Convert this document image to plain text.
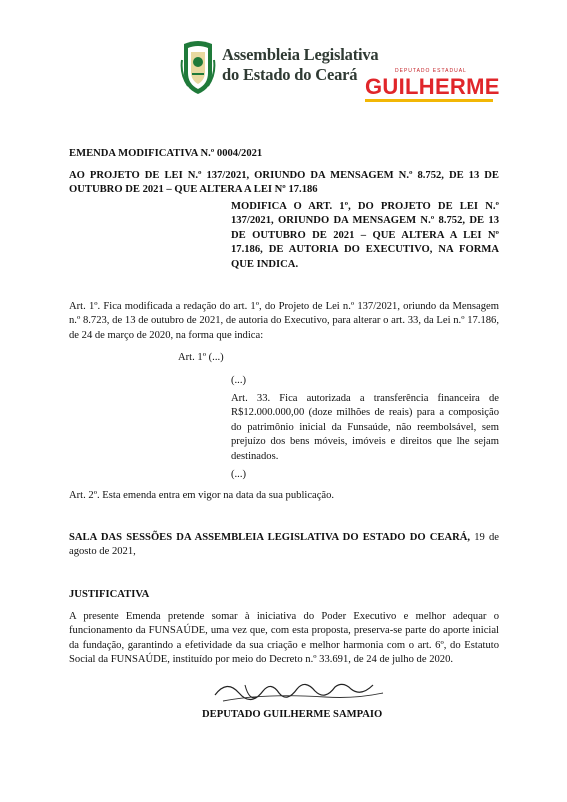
Assembleia Legislativa
do Estado do Ceará	DEPUTADO ESTADUAL
GUILHERME
EMENDA MODIFICATIVA N.º 0004/2021
AO PROJETO DE LEI N.º 137/2021, ORIUNDO DA MENSAGEM N.º 8.752, DE 13 DE OUTUBRO DE 2021 – QUE ALTERA A LEI Nº 17.186
MODIFICA O ART. 1º, DO PROJETO DE LEI N.º 137/2021, ORIUNDO DA MENSAGEM N.º 8.752, DE 13 DE OUTUBRO DE 2021 – QUE ALTERA A LEI Nº 17.186, DE AUTORIA DO EXECUTIVO, NA FORMA QUE INDICA.
Art. 1º. Fica modificada a redação do art. 1º, do Projeto de Lei n.º 137/2021, oriundo da Mensagem n.º 8.723, de 13 de outubro de 2021, de autoria do Executivo, para alterar o art. 33, da Lei n.º 17.186, de 24 de março de 2020, na forma que indica:
Art. 1º (...)
(...)
Art. 33. Fica autorizada a transferência financeira de R$12.000.000,00 (doze milhões de reais) para a composição do patrimônio inicial da Funsaúde, não reembolsável, sem prejuízo dos bens móveis, imóveis e direitos que lhe sejam destinados.
(...)
Art. 2º. Esta emenda entra em vigor na data da sua publicação.
SALA DAS SESSÕES DA ASSEMBLEIA LEGISLATIVA DO ESTADO DO CEARÁ, 19 de agosto de 2021,
JUSTIFICATIVA
A presente Emenda pretende somar à iniciativa do Poder Executivo e melhor adequar o funcionamento da FUNSAÚDE, uma vez que, com esta proposta, preserva-se parte do aporte inicial da fundação, garantindo a efetividade da sua criação e melhor harmonia com o art. 6º, do Estatuto Social da FUNSAÚDE, instituído por meio do Decreto n.º 33.691, de 24 de julho de 2020.
DEPUTADO GUILHERME SAMPAIO
